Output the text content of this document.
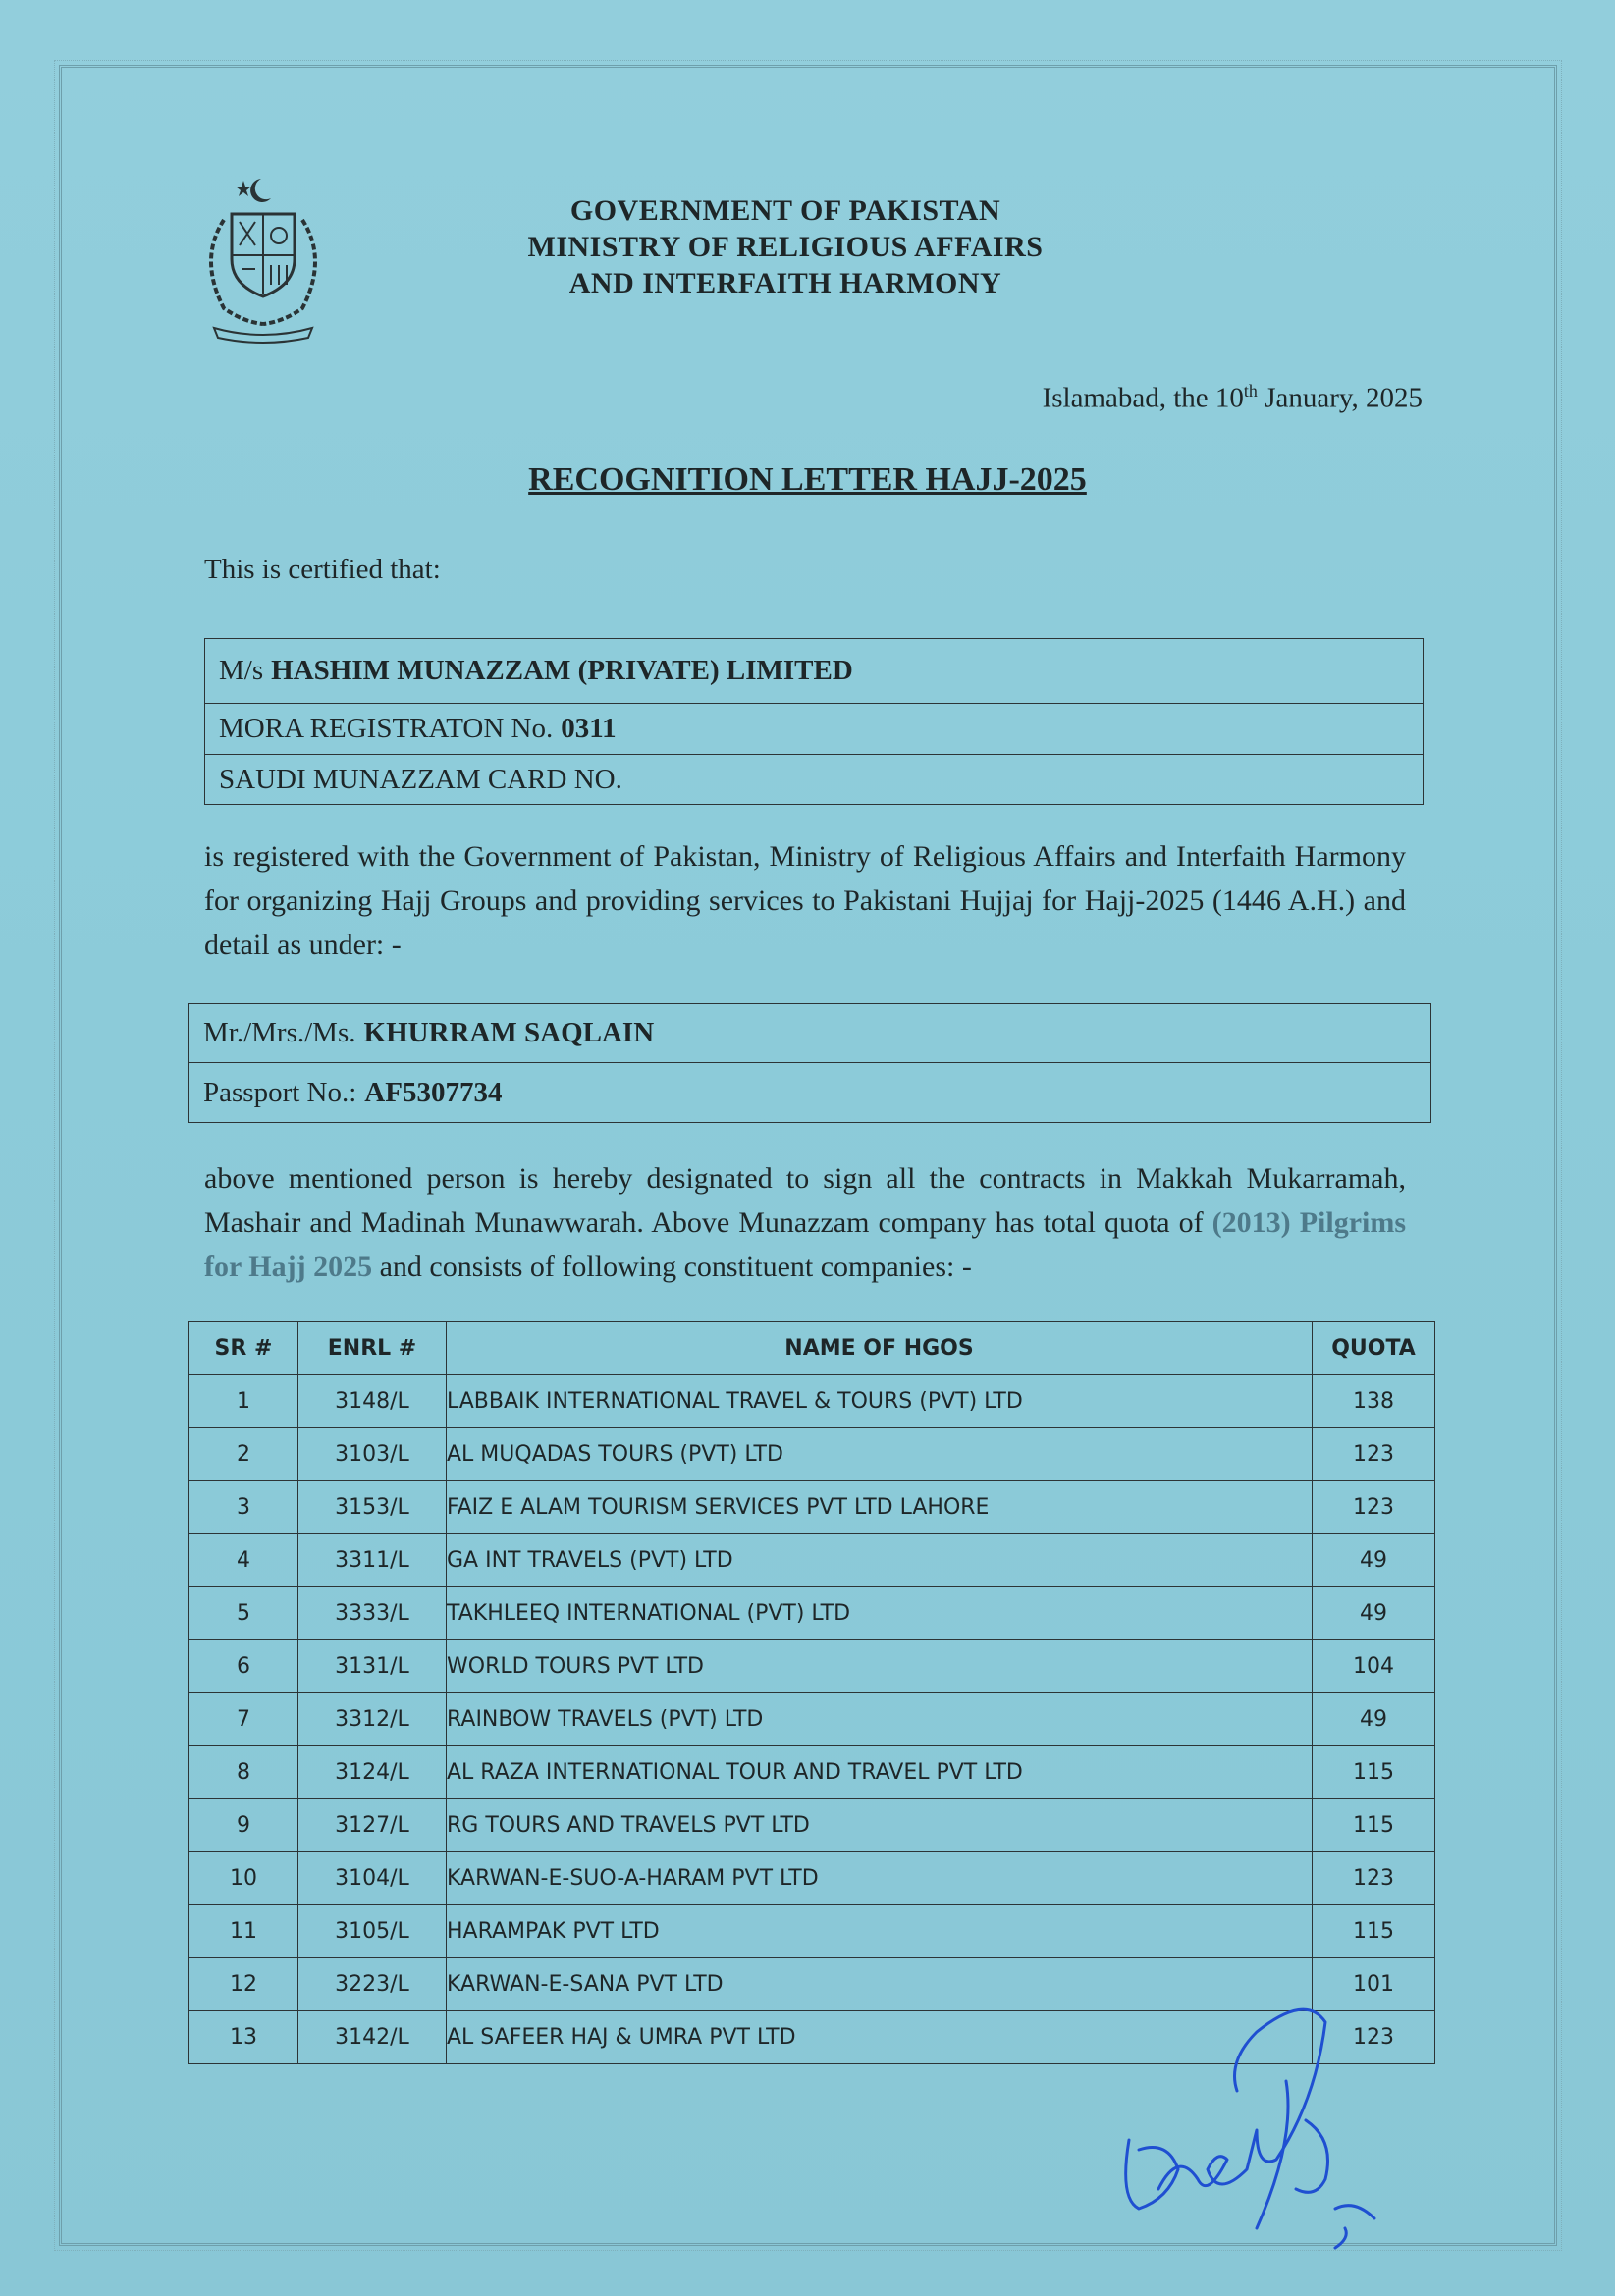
GOVERNMENT OF PAKISTAN
MINISTRY OF RELIGIOUS AFFAIRS
AND INTERFAITH HARMONY
Islamabad, the 10th January, 2025
RECOGNITION LETTER HAJJ-2025
This is certified that:
M/s HASHIM MUNAZZAM (PRIVATE) LIMITED
MORA REGISTRATON No. 0311
SAUDI MUNAZZAM CARD NO.
is registered with the Government of Pakistan, Ministry of Religious Affairs and Interfaith Harmony for organizing Hajj Groups and providing services to Pakistani Hujjaj for Hajj-2025 (1446 A.H.) and detail as under: -
Mr./Mrs./Ms. KHURRAM SAQLAIN
Passport No.: AF5307734
above mentioned person is hereby designated to sign all the contracts in Makkah Mukarramah, Mashair and Madinah Munawwarah. Above Munazzam company has total quota of (2013) Pilgrims for Hajj 2025 and consists of following constituent companies: -
SR #	ENRL #	NAME OF HGOS	QUOTA
1	3148/L	LABBAIK INTERNATIONAL TRAVEL & TOURS (PVT) LTD	138
2	3103/L	AL MUQADAS TOURS (PVT) LTD	123
3	3153/L	FAIZ E ALAM TOURISM SERVICES PVT LTD LAHORE	123
4	3311/L	GA INT TRAVELS (PVT) LTD	49
5	3333/L	TAKHLEEQ INTERNATIONAL (PVT) LTD	49
6	3131/L	WORLD TOURS PVT LTD	104
7	3312/L	RAINBOW TRAVELS (PVT) LTD	49
8	3124/L	AL RAZA INTERNATIONAL TOUR AND TRAVEL PVT LTD	115
9	3127/L	RG TOURS AND TRAVELS PVT LTD	115
10	3104/L	KARWAN-E-SUO-A-HARAM PVT LTD	123
11	3105/L	HARAMPAK PVT LTD	115
12	3223/L	KARWAN-E-SANA PVT LTD	101
13	3142/L	AL SAFEER HAJ & UMRA PVT LTD	123
